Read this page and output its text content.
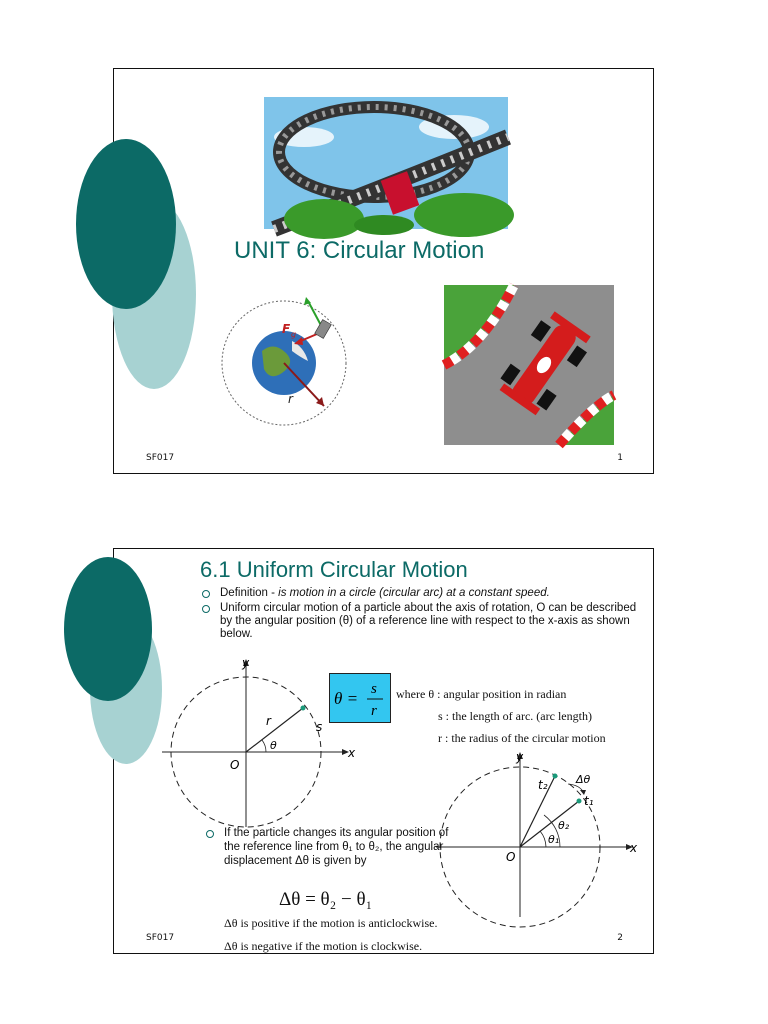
UNIT 6: Circular Motion
F g
r
SF017	1
6.1 Uniform Circular Motion
Definition - is motion in a circle (circular arc) at a constant speed.
Uniform circular motion of a particle about the axis of rotation, O can be described by the angular position (θ) of a reference line with respect to the x-axis as shown below.
y
x
O
r	s
θ
θ = s
r
where θ : angular position in radian
s : the length of arc. (arc length)
r : the radius of the circular motion
y
x
O
t₂
t₁
Δθ
θ₂
θ₁
If the particle changes its angular position of the reference line from θ₁ to θ₂, the angular displacement Δθ is given by
Δθ = θ₂ − θ₁
Δθ is positive if the motion is anticlockwise.
Δθ is negative if the motion is clockwise.
SF017	2
